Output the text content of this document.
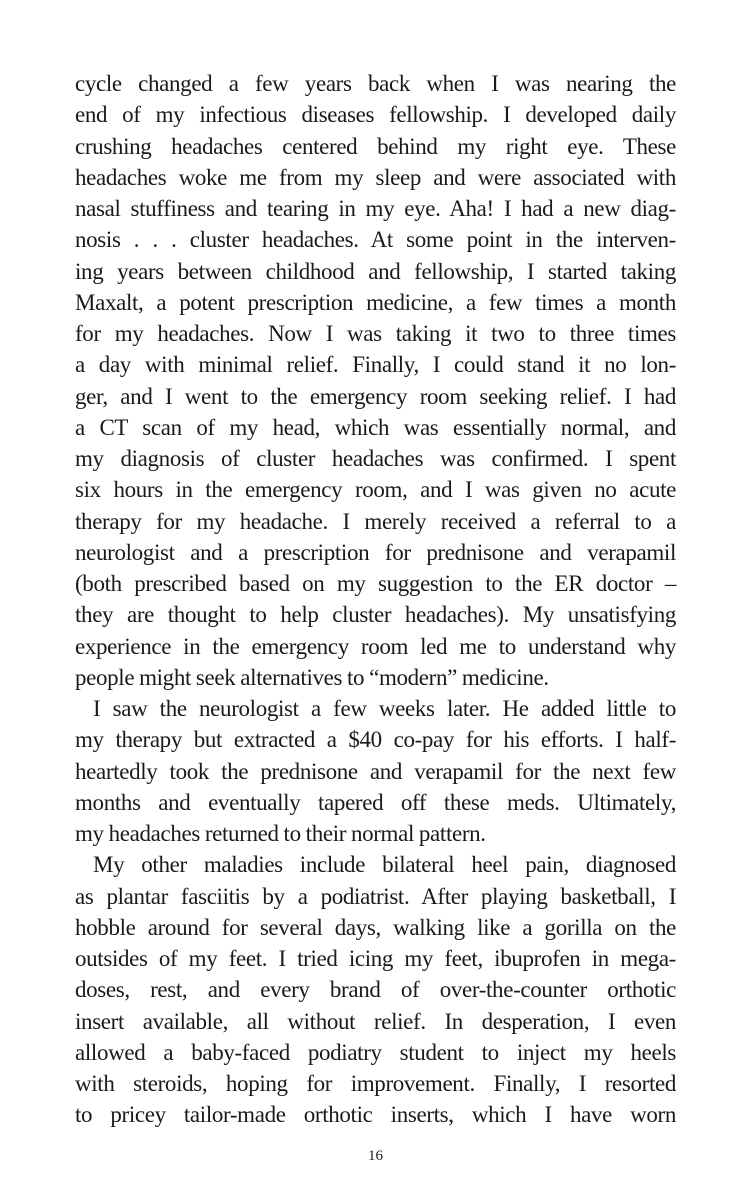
cycle changed a few years back when I was nearing the
end of my infectious diseases fellowship. I developed daily
crushing headaches centered behind my right eye. These
headaches woke me from my sleep and were associated with
nasal stuffiness and tearing in my eye. Aha! I had a new diag-
nosis . . . cluster headaches. At some point in the interven-
ing years between childhood and fellowship, I started taking
Maxalt, a potent prescription medicine, a few times a month
for my headaches. Now I was taking it two to three times
a day with minimal relief. Finally, I could stand it no lon-
ger, and I went to the emergency room seeking relief. I had
a CT scan of my head, which was essentially normal, and
my diagnosis of cluster headaches was confirmed. I spent
six hours in the emergency room, and I was given no acute
therapy for my headache. I merely received a referral to a
neurologist and a prescription for prednisone and verapamil
(both prescribed based on my suggestion to the ER doctor –
they are thought to help cluster headaches). My unsatisfying
experience in the emergency room led me to understand why
people might seek alternatives to “modern” medicine.
I saw the neurologist a few weeks later. He added little to
my therapy but extracted a $40 co-pay for his efforts. I half-
heartedly took the prednisone and verapamil for the next few
months and eventually tapered off these meds. Ultimately,
my headaches returned to their normal pattern.
My other maladies include bilateral heel pain, diagnosed
as plantar fasciitis by a podiatrist. After playing basketball, I
hobble around for several days, walking like a gorilla on the
outsides of my feet. I tried icing my feet, ibuprofen in mega-
doses, rest, and every brand of over-the-counter orthotic
insert available, all without relief. In desperation, I even
allowed a baby-faced podiatry student to inject my heels
with steroids, hoping for improvement. Finally, I resorted
to pricey tailor-made orthotic inserts, which I have worn
16
